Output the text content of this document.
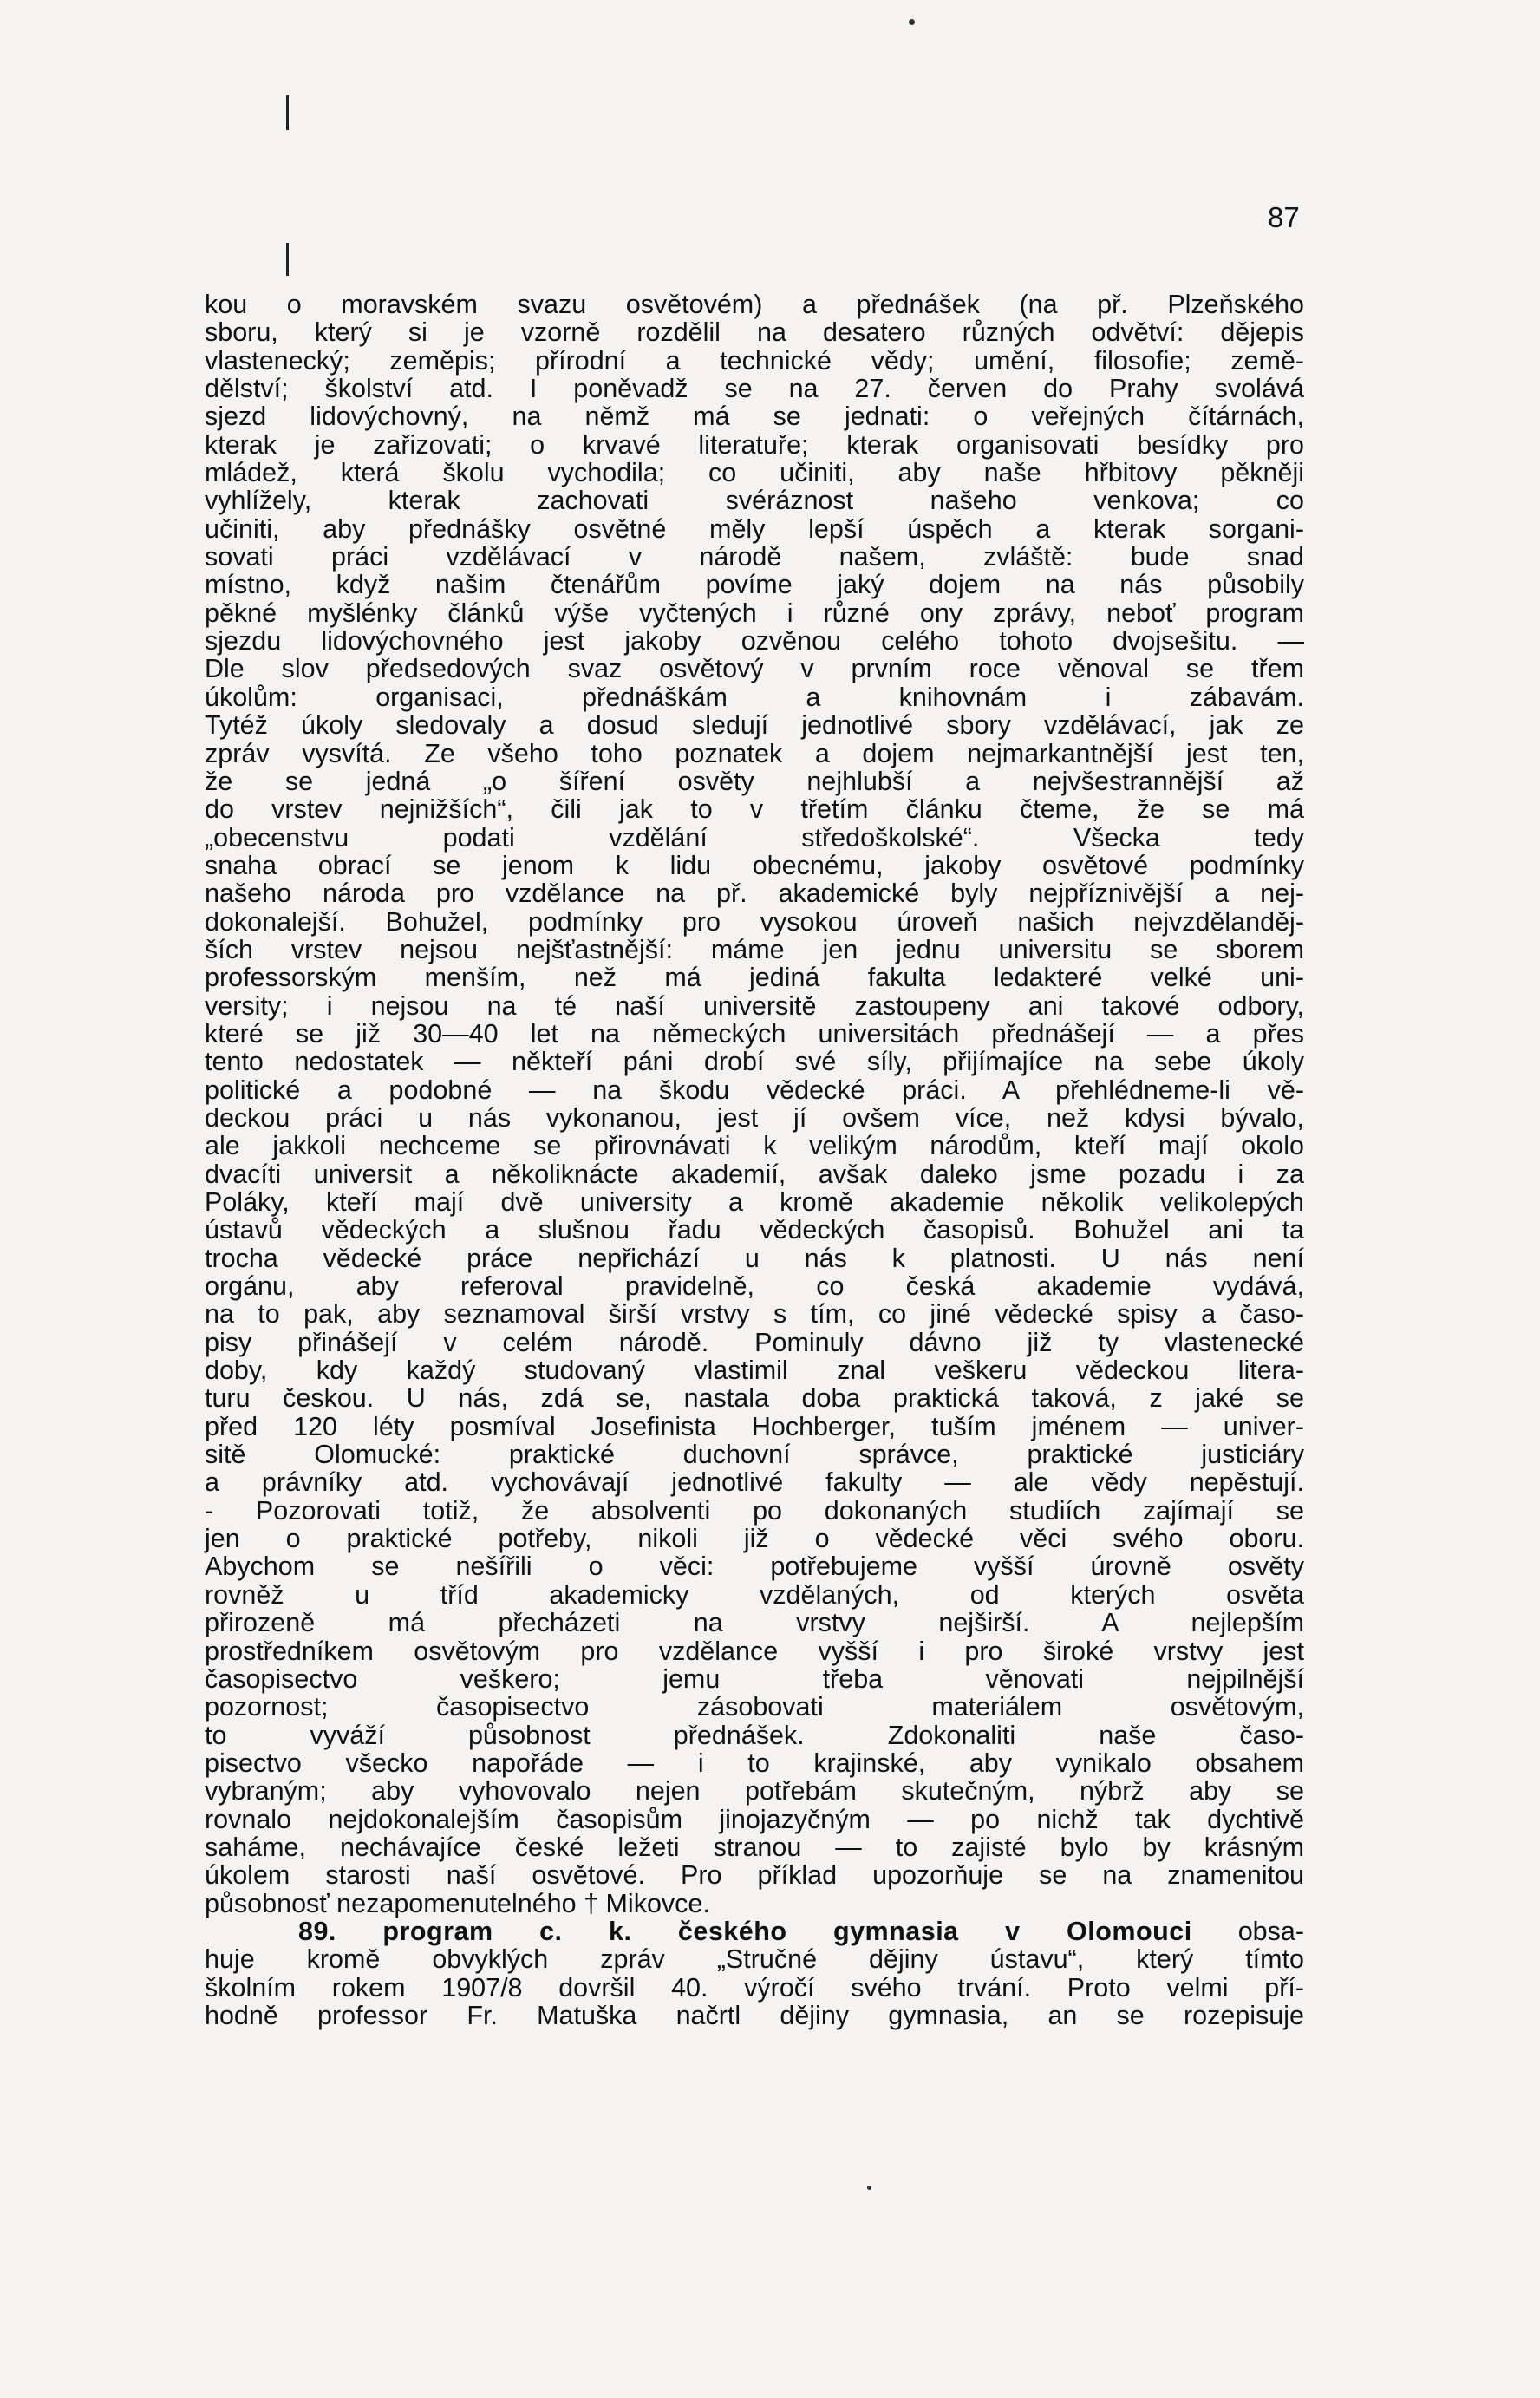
87
kou o moravském svazu osvětovém) a přednášek (na př. Plzeňského
sboru, který si je vzorně rozdělil na desatero různých odvětví: dějepis
vlastenecký; zeměpis; přírodní a technické vědy; umění, filosofie; země-
dělství; školství atd. I poněvadž se na 27. červen do Prahy svolává
sjezd lidovýchovný, na němž má se jednati: o veřejných čítárnách,
kterak je zařizovati; o krvavé literatuře; kterak organisovati besídky pro
mládež, která školu vychodila; co učiniti, aby naše hřbitovy pěkněji
vyhlížely, kterak zachovati svéráznost našeho venkova; co
učiniti, aby přednášky osvětné měly lepší úspěch a kterak sorgani-
sovati práci vzdělávací v národě našem, zvláště: bude snad
místno, když našim čtenářům povíme jaký dojem na nás působily
pěkné myšlénky článků výše vyčtených i různé ony zprávy, neboť program
sjezdu lidovýchovného jest jakoby ozvěnou celého tohoto dvojsešitu. —
Dle slov předsedových svaz osvětový v prvním roce věnoval se třem
úkolům: organisaci, přednáškám a knihovnám i zábavám.
Tytéž úkoly sledovaly a dosud sledují jednotlivé sbory vzdělávací, jak ze
zpráv vysvítá. Ze všeho toho poznatek a dojem nejmarkantnější jest ten,
že se jedná „o šíření osvěty nejhlubší a nejvšestrannější až
do vrstev nejnižších“, čili jak to v třetím článku čteme, že se má
„obecenstvu podati vzdělání středoškolské“. Všecka tedy
snaha obrací se jenom k lidu obecnému, jakoby osvětové podmínky
našeho národa pro vzdělance na př. akademické byly nejpříznivější a nej-
dokonalejší. Bohužel, podmínky pro vysokou úroveň našich nejvzdělanděj-
ších vrstev nejsou nejšťastnější: máme jen jednu universitu se sborem
professorským menším, než má jediná fakulta ledakteré velké uni-
versity; i nejsou na té naší universitě zastoupeny ani takové odbory,
které se již 30—40 let na německých universitách přednášejí — a přes
tento nedostatek — někteří páni drobí své síly, přijímajíce na sebe úkoly
politické a podobné — na škodu vědecké práci. A přehlédneme-li vě-
deckou práci u nás vykonanou, jest jí ovšem více, než kdysi bývalo,
ale jakkoli nechceme se přirovnávati k velikým národům, kteří mají okolo
dvacíti universit a několiknácte akademií, avšak daleko jsme pozadu i za
Poláky, kteří mají dvě university a kromě akademie několik velikolepých
ústavů vědeckých a slušnou řadu vědeckých časopisů. Bohužel ani ta
trocha vědecké práce nepřichází u nás k platnosti. U nás není
orgánu, aby referoval pravidelně, co česká akademie vydává,
na to pak, aby seznamoval širší vrstvy s tím, co jiné vědecké spisy a časo-
pisy přinášejí v celém národě. Pominuly dávno již ty vlastenecké
doby, kdy každý studovaný vlastimil znal veškeru vědeckou litera-
turu českou. U nás, zdá se, nastala doba praktická taková, z jaké se
před 120 léty posmíval Josefinista Hochberger, tuším jménem — univer-
sitě Olomucké: praktické duchovní správce, praktické justiciáry
a právníky atd. vychovávají jednotlivé fakulty — ale vědy nepěstují.
- Pozorovati totiž, že absolventi po dokonaných studiích zajímají se
jen o praktické potřeby, nikoli již o vědecké věci svého oboru.
Abychom se nešířili o věci: potřebujeme vyšší úrovně osvěty
rovněž u tříd akademicky vzdělaných, od kterých osvěta
přirozeně má přecházeti na vrstvy nejširší. A nejlepším
prostředníkem osvětovým pro vzdělance vyšší i pro široké vrstvy jest
časopisectvo veškero; jemu třeba věnovati nejpilnější
pozornost; časopisectvo zásobovati materiálem osvětovým,
to vyváží působnost přednášek. Zdokonaliti naše časo-
pisectvo všecko napořáde — i to krajinské, aby vynikalo obsahem
vybraným; aby vyhovovalo nejen potřebám skutečným, nýbrž aby se
rovnalo nejdokonalejším časopisům jinojazyčným — po nichž tak dychtivě
saháme, nechávajíce české ležeti stranou — to zajisté bylo by krásným
úkolem starosti naší osvětové. Pro příklad upozorňuje se na znamenitou
působnosť nezapomenutelného † Mikovce.
89. program c. k. českého gymnasia v Olomouci obsa-
huje kromě obvyklých zpráv „Stručné dějiny ústavu“, který tímto
školním rokem 1907/8 dovršil 40. výročí svého trvání. Proto velmi pří-
hodně professor Fr. Matuška načrtl dějiny gymnasia, an se rozepisuje
